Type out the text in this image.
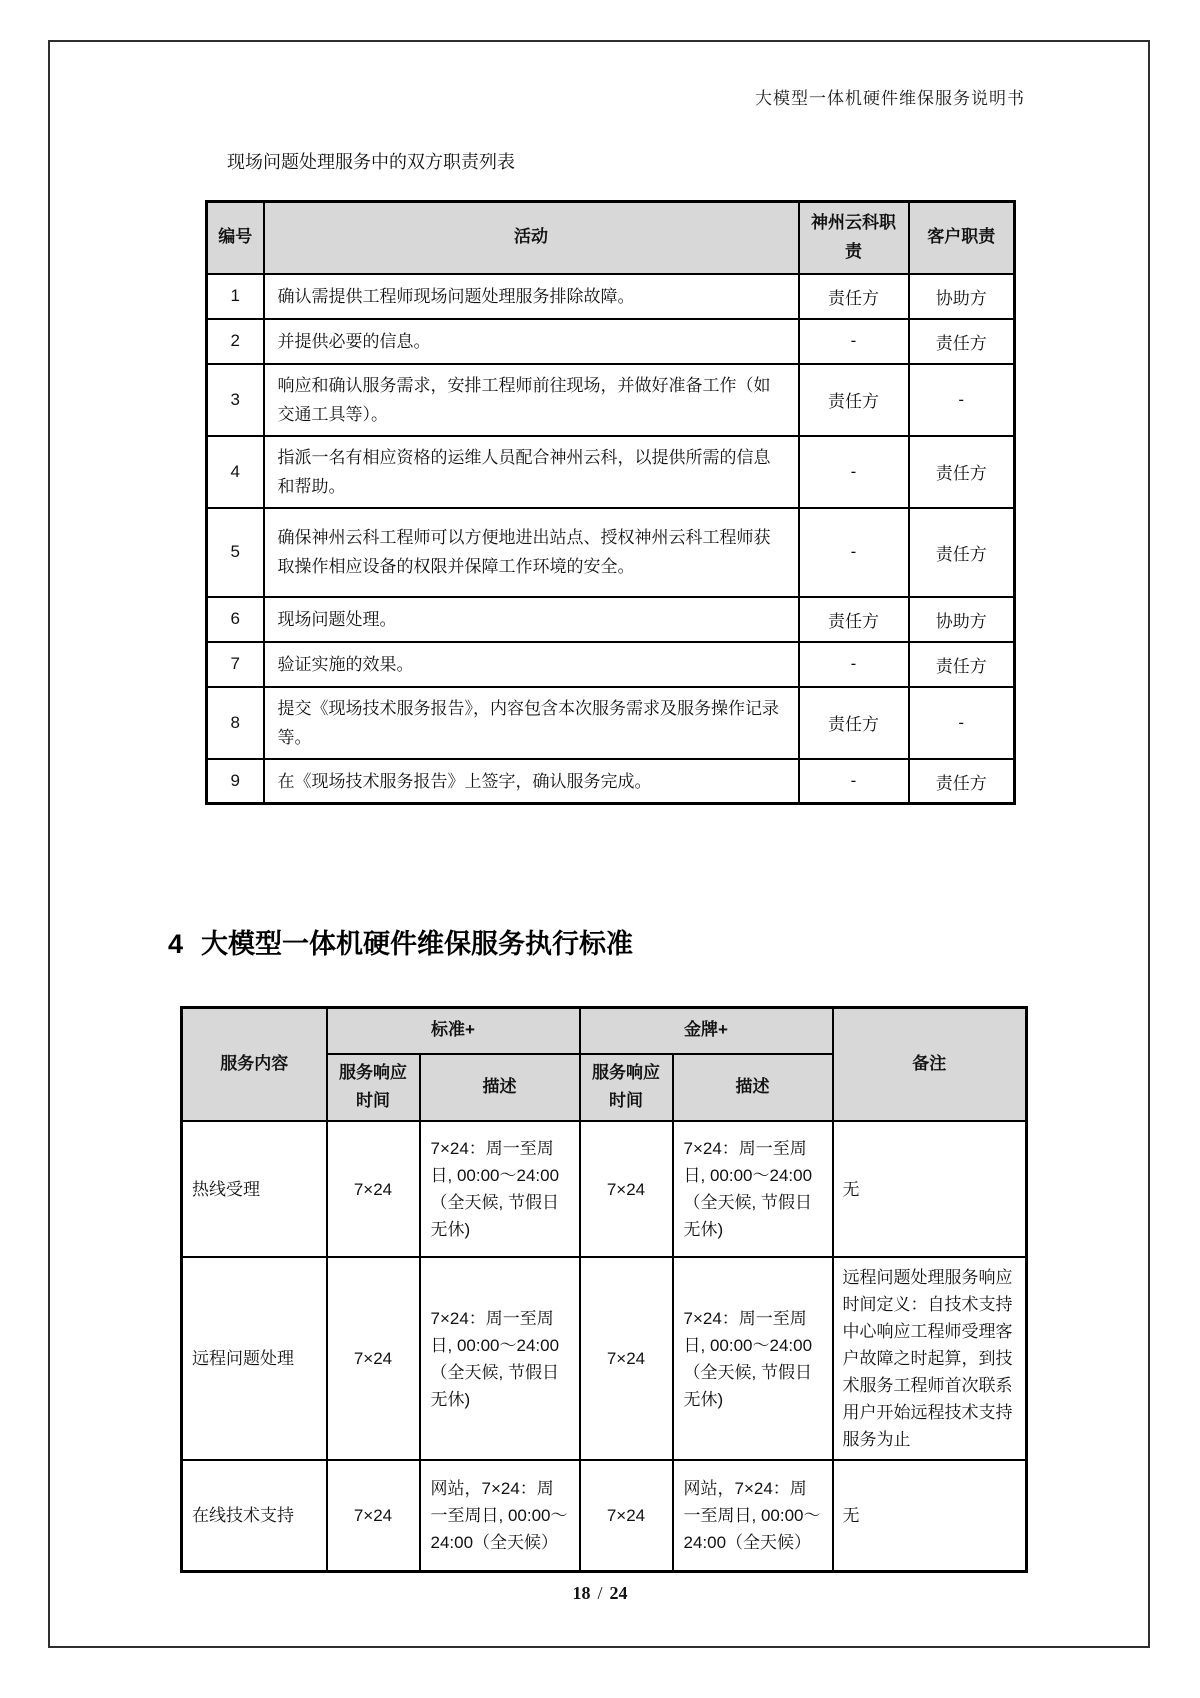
大模型一体机硬件维保服务说明书
现场问题处理服务中的双方职责列表
编号	活动	神州云科职责	客户职责
1	确认需提供工程师现场问题处理服务排除故障。	责任方	协助方
2	并提供必要的信息。	-	责任方
3	响应和确认服务需求，安排工程师前往现场，并做好准备工作（如交通工具等）。	责任方	-
4	指派一名有相应资格的运维人员配合神州云科，以提供所需的信息和帮助。	-	责任方
5	确保神州云科工程师可以方便地进出站点、授权神州云科工程师获取操作相应设备的权限并保障工作环境的安全。	-	责任方
6	现场问题处理。	责任方	协助方
7	验证实施的效果。	-	责任方
8	提交《现场技术服务报告》，内容包含本次服务需求及服务操作记录等。	责任方	-
9	在《现场技术服务报告》上签字，确认服务完成。	-	责任方
4 大模型一体机硬件维保服务执行标准
服务内容	标准+		金牌+		备注
	服务响应时间	描述	服务响应时间	描述	
热线受理	7×24	7×24：周一至周日, 00:00～24:00（全天候, 节假日无休)	7×24	7×24：周一至周日, 00:00～24:00（全天候, 节假日无休)	无
远程问题处理	7×24	7×24：周一至周日, 00:00～24:00（全天候, 节假日无休)	7×24	7×24：周一至周日, 00:00～24:00（全天候, 节假日无休)	远程问题处理服务响应时间定义：自技术支持中心响应工程师受理客户故障之时起算，到技术服务工程师首次联系用户开始远程技术支持服务为止
在线技术支持	7×24	网站，7×24：周一至周日, 00:00～24:00（全天候）	7×24	网站，7×24：周一至周日, 00:00～24:00（全天候）	无
18 / 24
